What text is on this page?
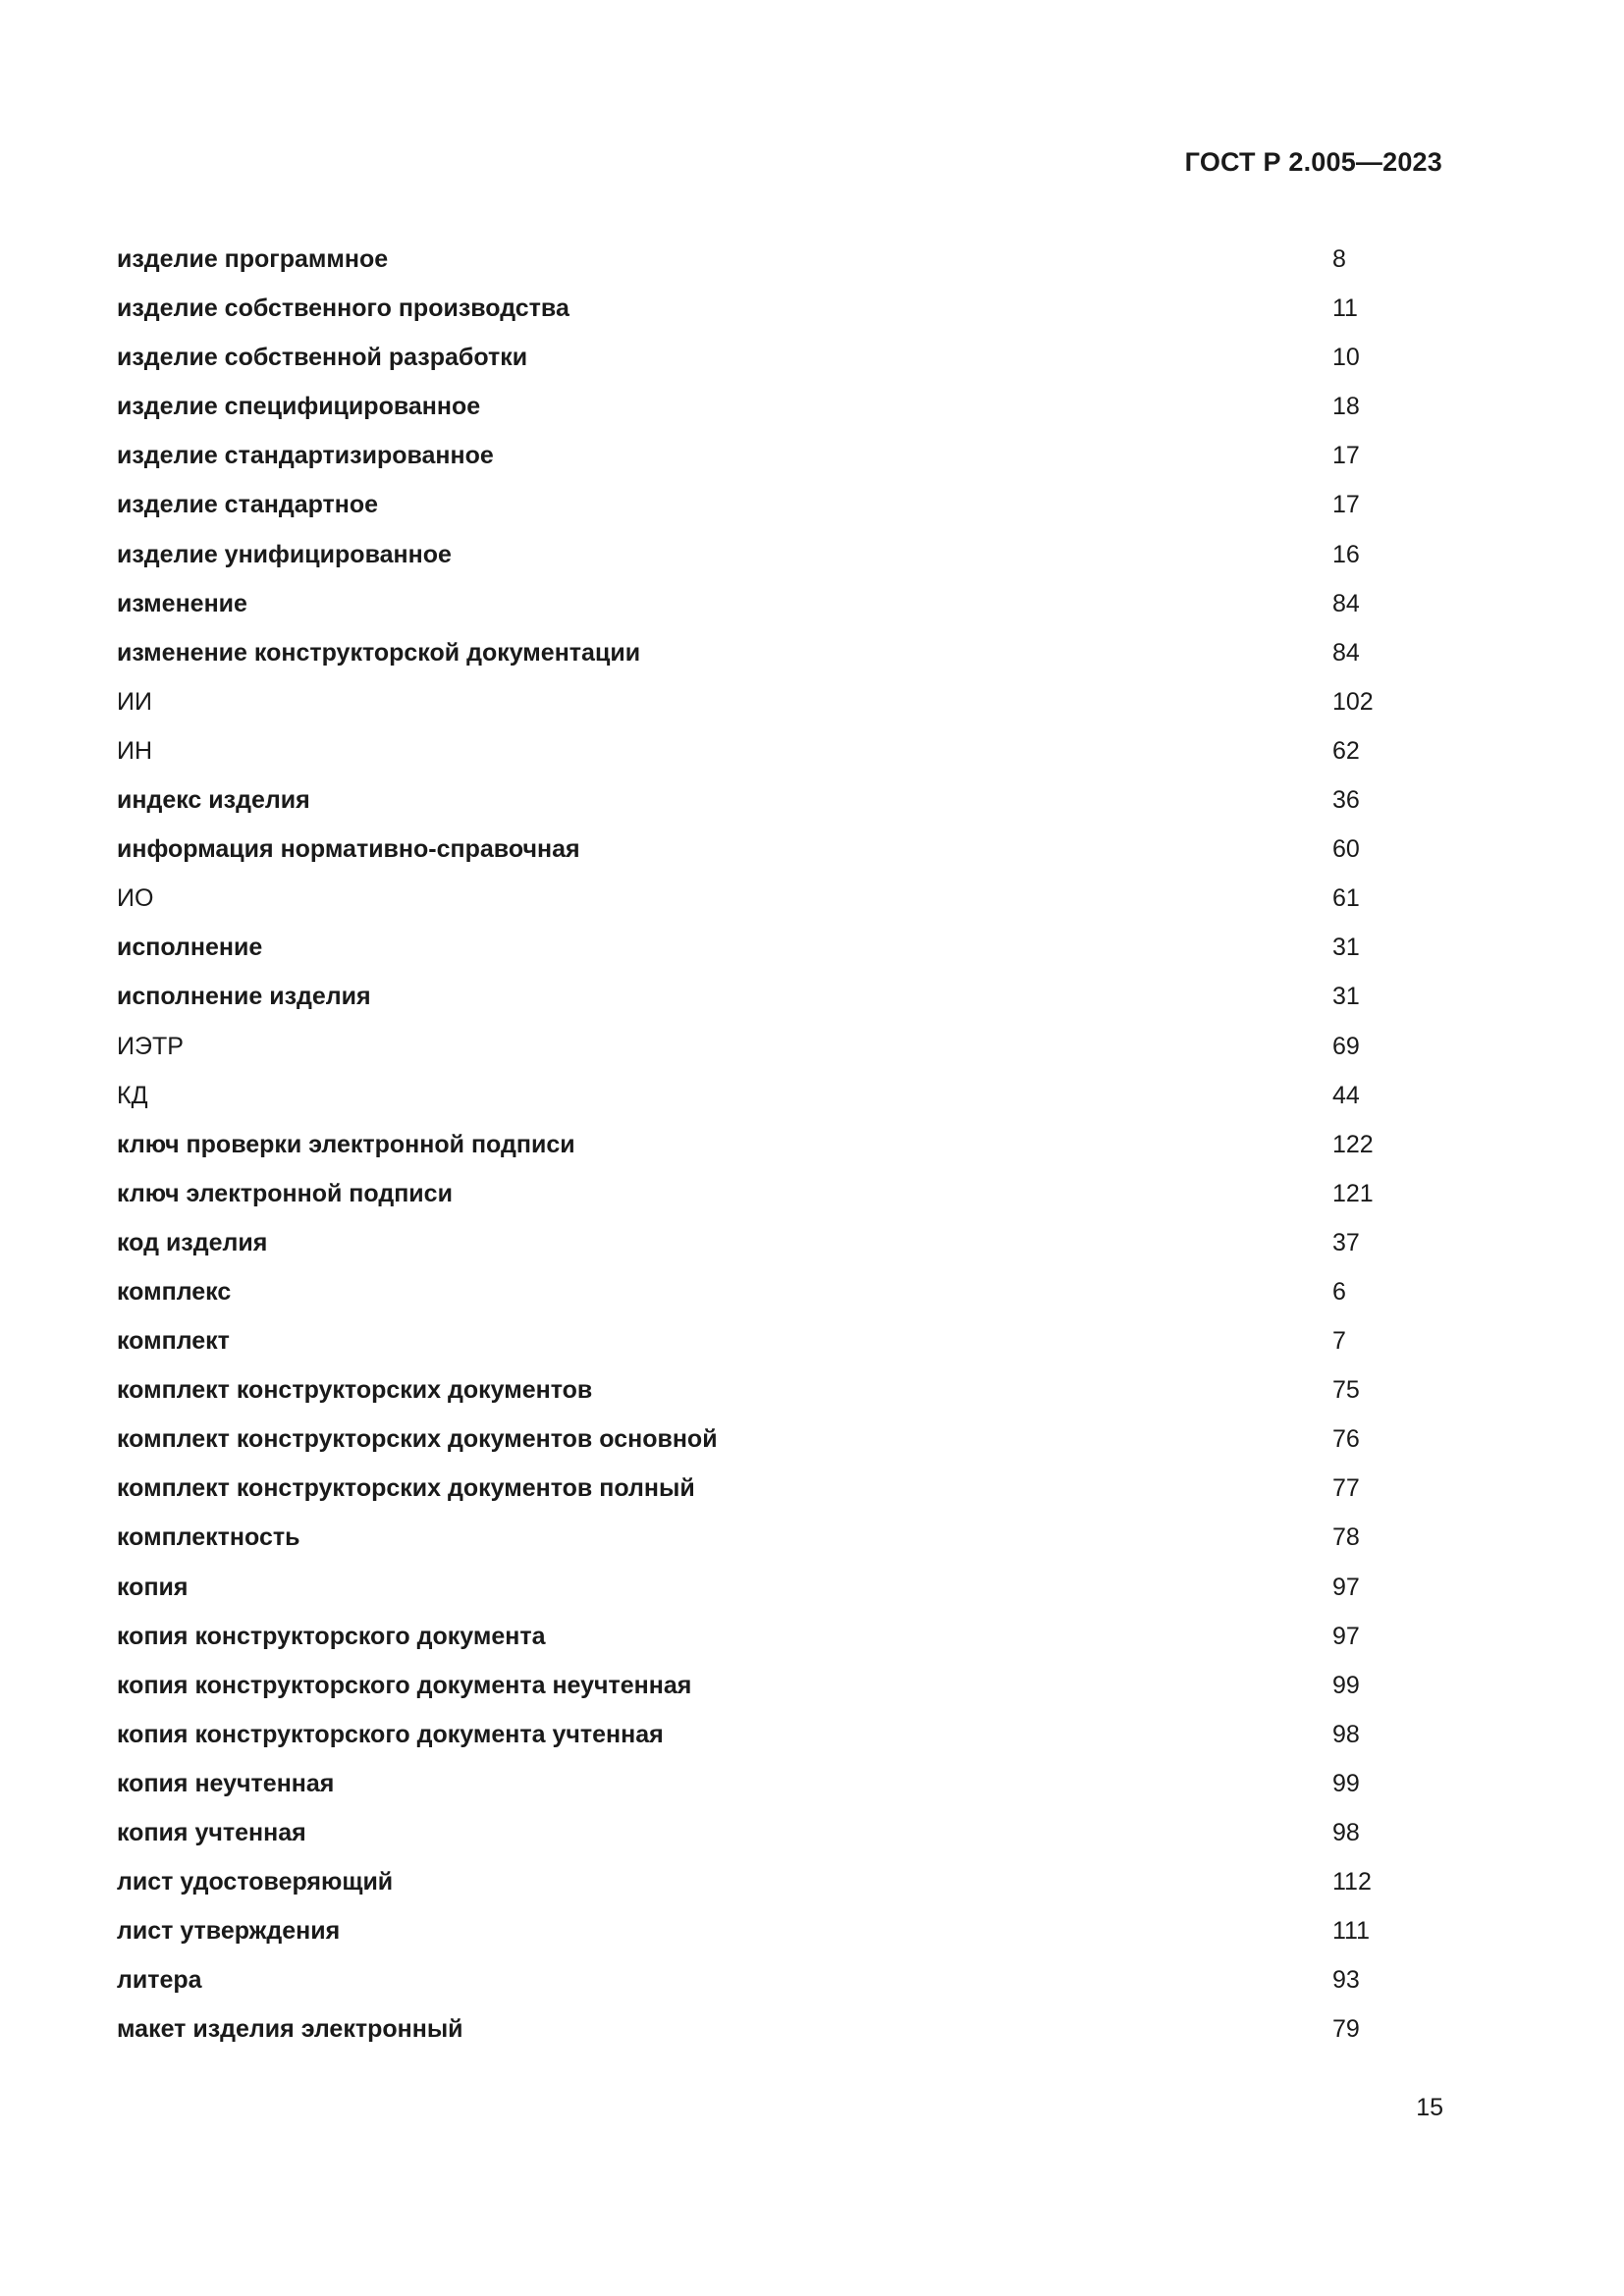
ГОСТ Р 2.005—2023
изделие программное	8
изделие собственного производства	11
изделие собственной разработки	10
изделие специфицированное	18
изделие стандартизированное	17
изделие стандартное	17
изделие унифицированное	16
изменение	84
изменение конструкторской документации	84
ИИ	102
ИН	62
индекс изделия	36
информация нормативно-справочная	60
ИО	61
исполнение	31
исполнение изделия	31
ИЭТР	69
КД	44
ключ проверки электронной подписи	122
ключ электронной подписи	121
код изделия	37
комплекс	6
комплект	7
комплект конструкторских документов	75
комплект конструкторских документов основной	76
комплект конструкторских документов полный	77
комплектность	78
копия	97
копия конструкторского документа	97
копия конструкторского документа неучтенная	99
копия конструкторского документа учтенная	98
копия неучтенная	99
копия учтенная	98
лист удостоверяющий	112
лист утверждения	111
литера	93
макет изделия электронный	79
15
